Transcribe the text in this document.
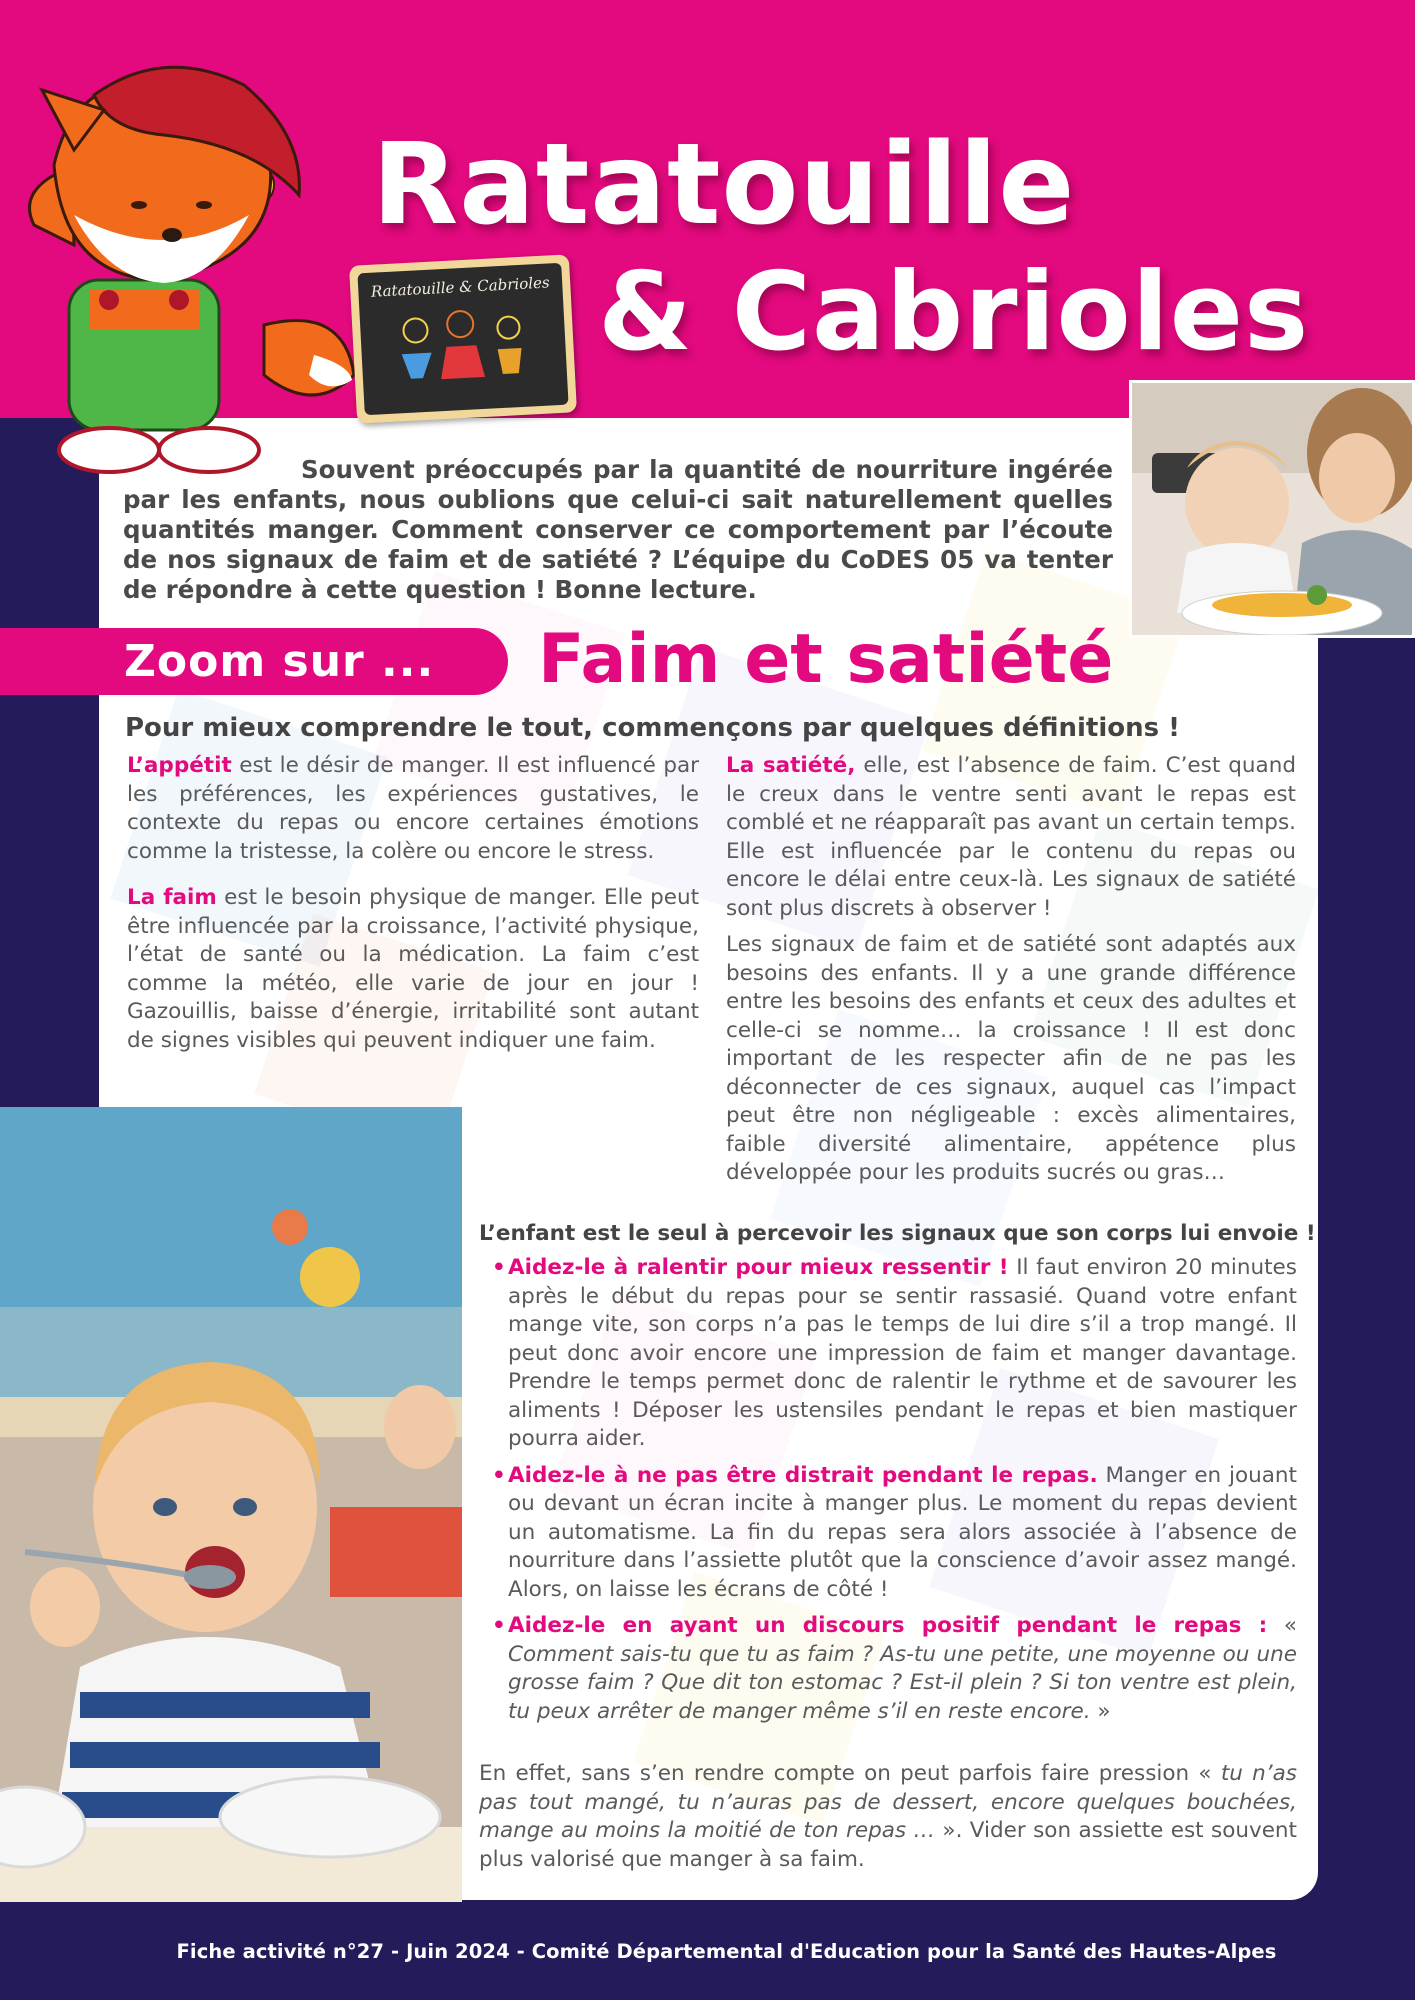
Ratatouille
& Cabrioles
Ratatouille & Cabrioles

Souvent préoccupés par la quantité de nourriture ingérée par les enfants, nous oublions que celui-ci sait naturellement quelles quantités manger. Comment conserver ce comportement par l’écoute de nos signaux de faim et de satiété ? L’équipe du CoDES 05 va tenter de répondre à cette question ! Bonne lecture.

Zoom sur ... Faim et satiété
Pour mieux comprendre le tout, commençons par quelques définitions !

L’appétit est le désir de manger. Il est influencé par les préférences, les expériences gustatives, le contexte du repas ou encore certaines émotions comme la tristesse, la colère ou encore le stress.

La faim est le besoin physique de manger. Elle peut être influencée par la croissance, l’activité physique, l’état de santé ou la médication. La faim c’est comme la météo, elle varie de jour en jour ! Gazouillis, baisse d’énergie, irritabilité sont autant de signes visibles qui peuvent indiquer une faim.

La satiété, elle, est l’absence de faim. C’est quand le creux dans le ventre senti avant le repas est comblé et ne réapparaît pas avant un certain temps. Elle est influencée par le contenu du repas ou encore le délai entre ceux-là. Les signaux de satiété sont plus discrets à observer !

Les signaux de faim et de satiété sont adaptés aux besoins des enfants. Il y a une grande différence entre les besoins des enfants et ceux des adultes et celle-ci se nomme… la croissance ! Il est donc important de les respecter afin de ne pas les déconnecter de ces signaux, auquel cas l’impact peut être non négligeable : excès alimentaires, faible diversité alimentaire, appétence plus développée pour les produits sucrés ou gras…

L’enfant est le seul à percevoir les signaux que son corps lui envoie !
• Aidez-le à ralentir pour mieux ressentir ! Il faut environ 20 minutes après le début du repas pour se sentir rassasié. Quand votre enfant mange vite, son corps n’a pas le temps de lui dire s’il a trop mangé. Il peut donc avoir encore une impression de faim et manger davantage. Prendre le temps permet donc de ralentir le rythme et de savourer les aliments ! Déposer les ustensiles pendant le repas et bien mastiquer pourra aider.
• Aidez-le à ne pas être distrait pendant le repas. Manger en jouant ou devant un écran incite à manger plus. Le moment du repas devient un automatisme. La fin du repas sera alors associée à l’absence de nourriture dans l’assiette plutôt que la conscience d’avoir assez mangé. Alors, on laisse les écrans de côté !
• Aidez-le en ayant un discours positif pendant le repas : « Comment sais-tu que tu as faim ? As-tu une petite, une moyenne ou une grosse faim ? Que dit ton estomac ? Est-il plein ? Si ton ventre est plein, tu peux arrêter de manger même s’il en reste encore. »

En effet, sans s’en rendre compte on peut parfois faire pression « tu n’as pas tout mangé, tu n’auras pas de dessert, encore quelques bouchées, mange au moins la moitié de ton repas … ». Vider son assiette est souvent plus valorisé que manger à sa faim.

Fiche activité n°27 - Juin 2024 - Comité Départemental d'Education pour la Santé des Hautes-Alpes
